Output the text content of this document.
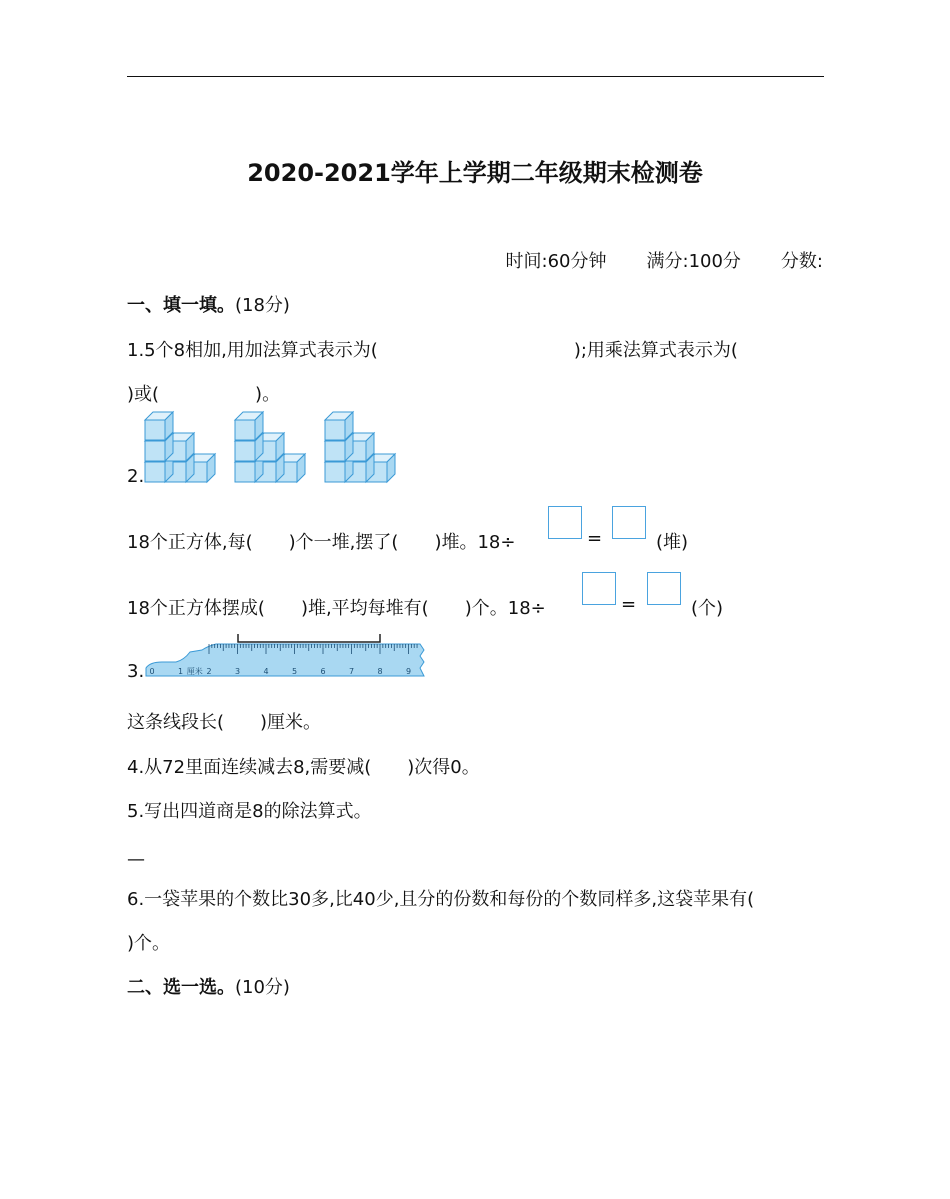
2020-2021学年上学期二年级期末检测卷
时间:60分钟 满分:100分 分数:
一、填一填。(18分)
1.5个8相加,用加法算式表示为(	);用乘法算式表示为(
)或(	)。
2.
18个正方体,每( )个一堆,摆了( )堆。18÷	=	(堆)
18个正方体摆成( )堆,平均每堆有( )个。18÷	=	(个)
3. 0	1 厘米 2	3	4	5	6	7	8	9
这条线段长( )厘米。
4.从72里面连续减去8,需要减( )次得0。
5.写出四道商是8的除法算式。
—
6.一袋苹果的个数比30多,比40少,且分的份数和每份的个数同样多,这袋苹果有(
)个。
二、选一选。(10分)
